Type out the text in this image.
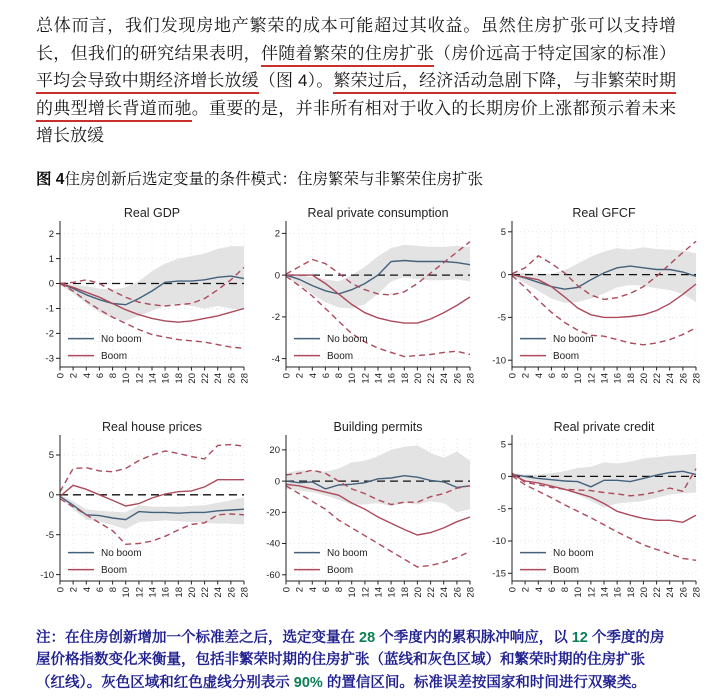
总体而言，我们发现房地产繁荣的成本可能超过其收益。虽然住房扩张可以支持增长，但我们的研究结果表明，伴随着繁荣的住房扩张（房价远高于特定国家的标准）平均会导致中期经济增长放缓（图 4）。繁荣过后，经济活动急剧下降，与非繁荣时期的典型增长背道而驰。重要的是，并非所有相对于收入的长期房价上涨都预示着未来增长放缓

图 4住房创新后选定变量的条件模式：住房繁荣与非繁荣住房扩张

2
1
0
-1
-2
-3
0 2 4 6 8 10 12 14 16 18 20 22 24 26 28
Real GDP
No boom
Boom
2
0
-2
-4
0 2 4 6 8 10 12 14 16 18 20 22 24 26 28
Real private consumption
No boom
Boom
5
0
-5
-10
0 2 4 6 8 10 12 14 16 18 20 22 24 26 28
Real GFCF
No boom
Boom
5
0
-5
-10
0 2 4 6 8 10 12 14 16 18 20 22 24 26 28
Real house prices
No boom
Boom
20
0
-20
-40
-60
0 2 4 6 8 10 12 14 16 18 20 22 24 26 28
Building permits
No boom
Boom
5
0
-5
-10
-15
0 2 4 6 8 10 12 14 16 18 20 22 24 26 28
Real private credit
No boom
Boom

注：在住房创新增加一个标准差之后，选定变量在 28 个季度内的累积脉冲响应，以 12 个季度的房屋价格指数变化来衡量，包括非繁荣时期的住房扩张（蓝线和灰色区域）和繁荣时期的住房扩张（红线）。灰色区域和红色虚线分别表示 90% 的置信区间。标准误差按国家和时间进行双聚类。
